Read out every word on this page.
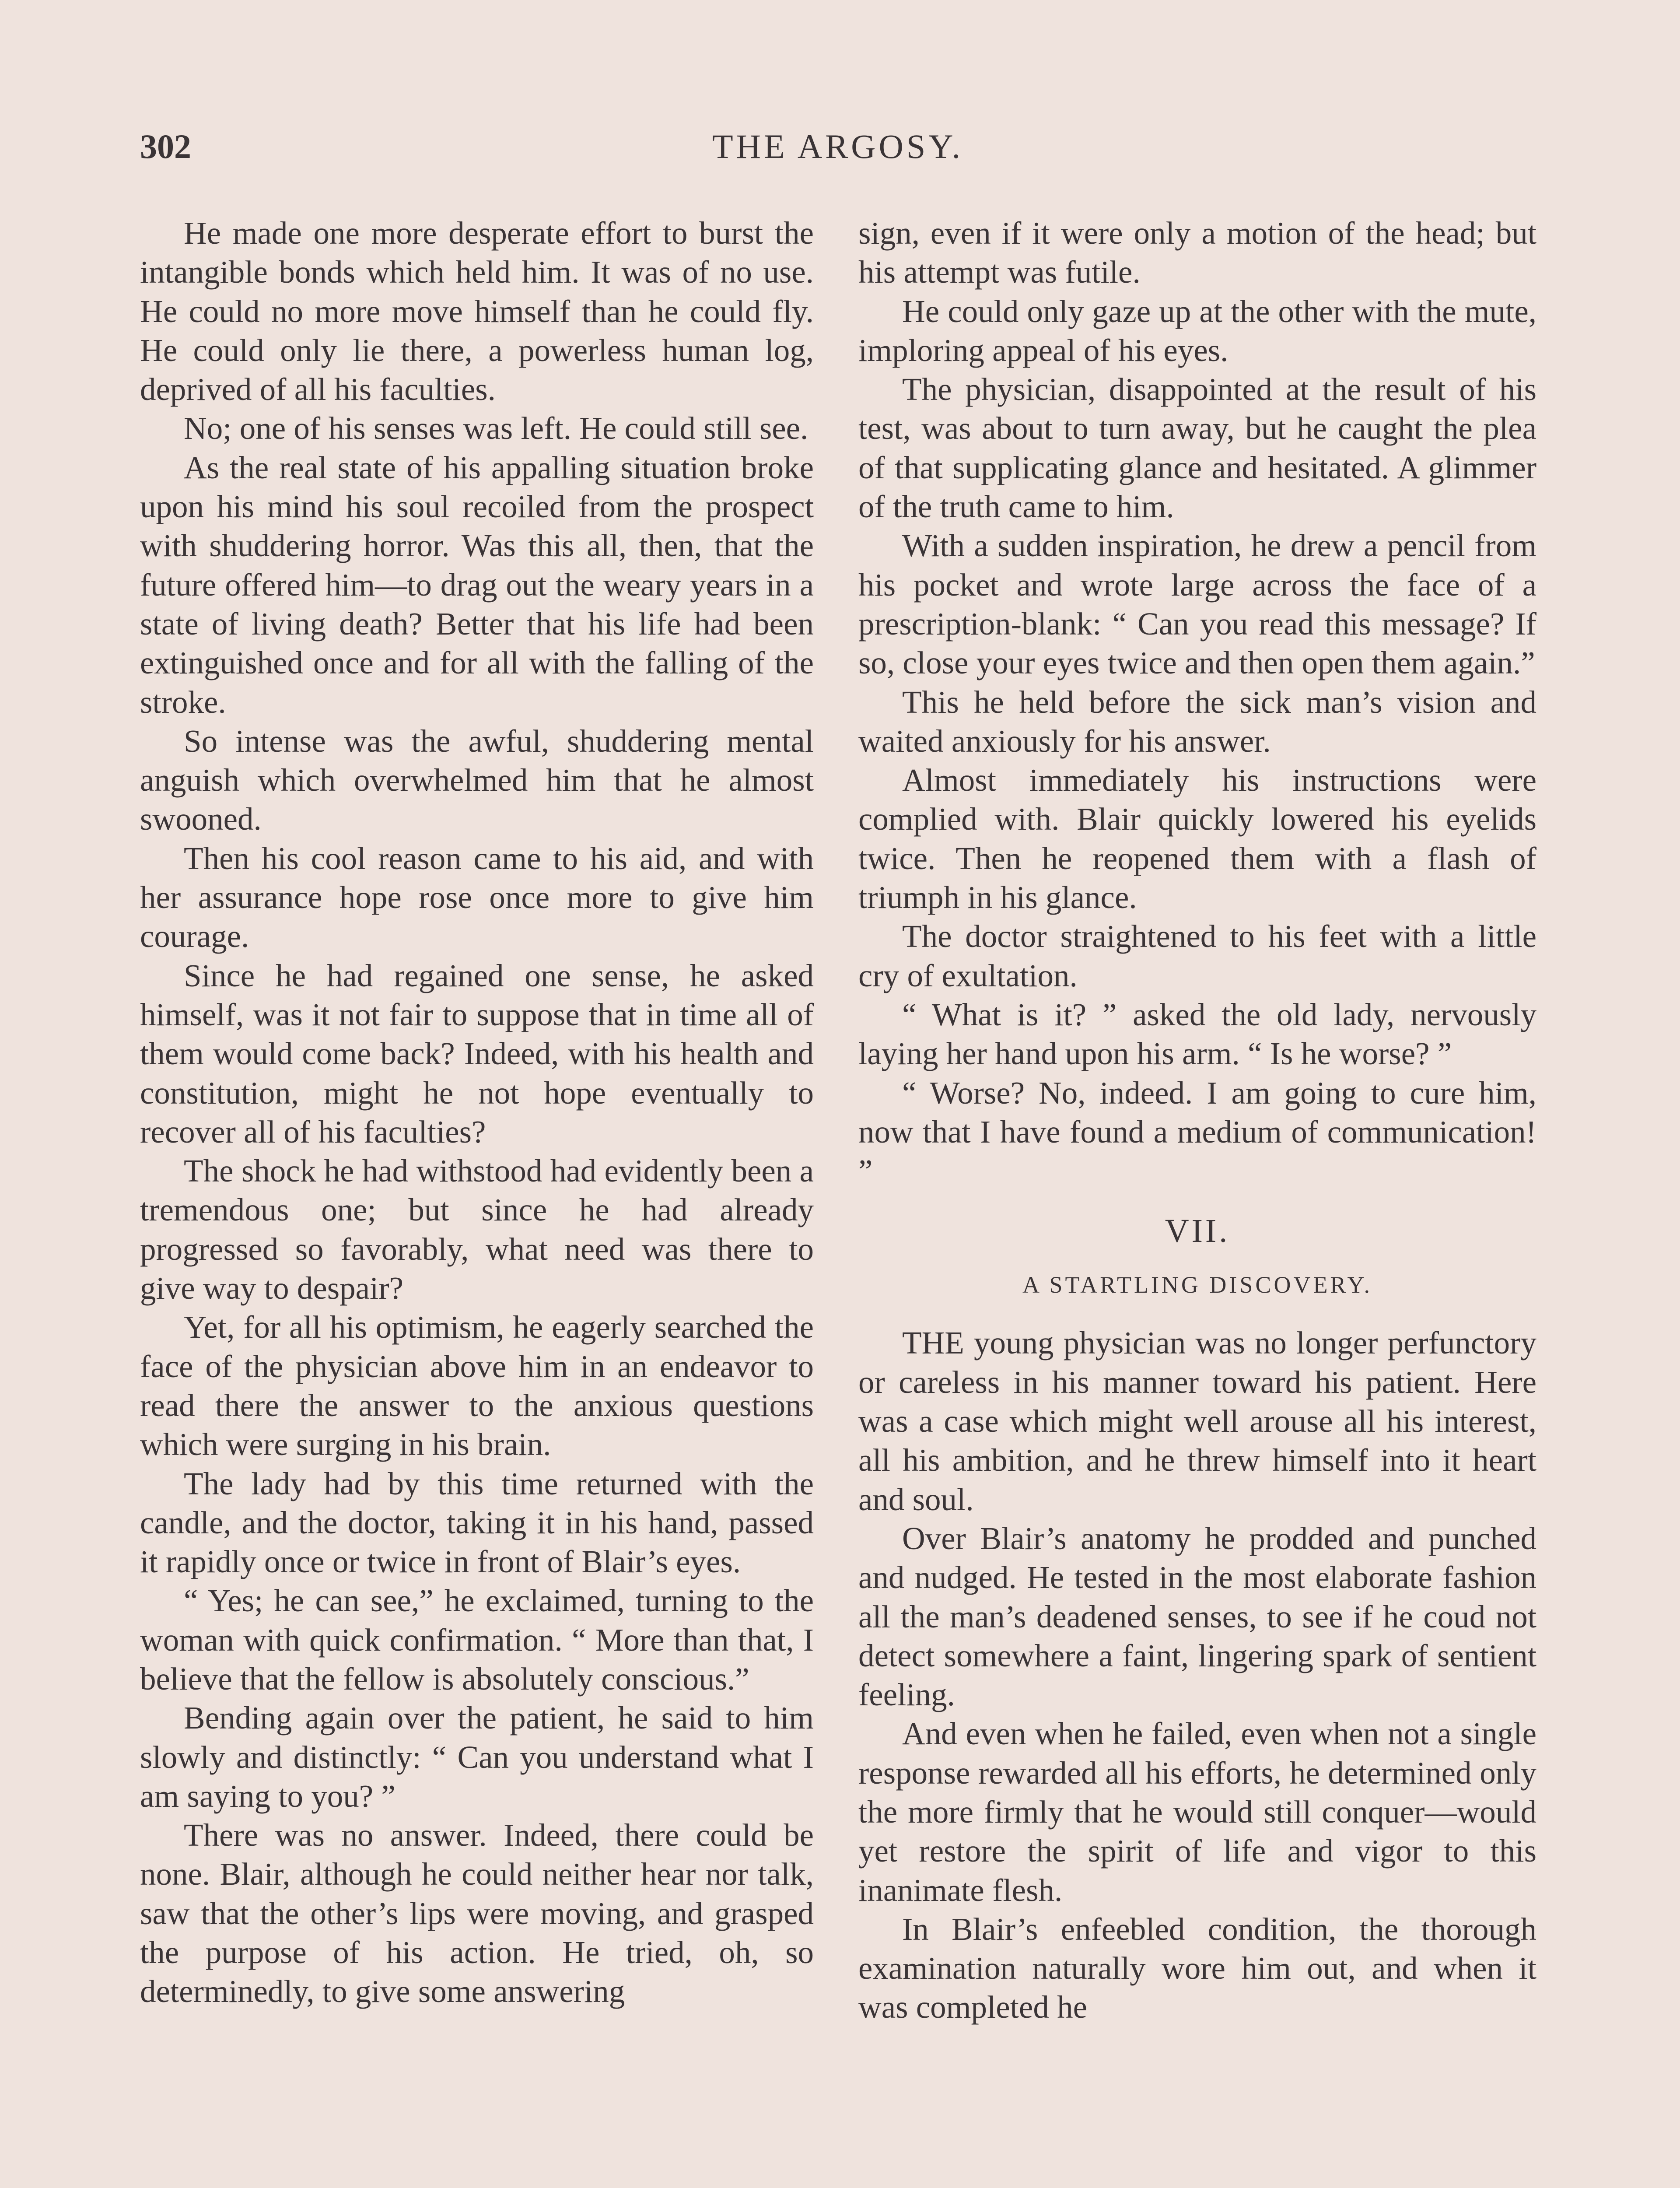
302	THE ARGOSY.

He made one more desperate effort to burst the intangible bonds which held him. It was of no use. He could no more move himself than he could fly. He could only lie there, a powerless human log, deprived of all his faculties.

No; one of his senses was left. He could still see.

As the real state of his appalling situation broke upon his mind his soul recoiled from the prospect with shuddering horror. Was this all, then, that the future offered him—to drag out the weary years in a state of living death? Better that his life had been extinguished once and for all with the falling of the stroke.

So intense was the awful, shuddering mental anguish which overwhelmed him that he almost swooned.

Then his cool reason came to his aid, and with her assurance hope rose once more to give him courage.

Since he had regained one sense, he asked himself, was it not fair to suppose that in time all of them would come back? Indeed, with his health and constitution, might he not hope eventually to recover all of his faculties?

The shock he had withstood had evidently been a tremendous one; but since he had already progressed so favorably, what need was there to give way to despair?

Yet, for all his optimism, he eagerly searched the face of the physician above him in an endeavor to read there the answer to the anxious questions which were surging in his brain.

The lady had by this time returned with the candle, and the doctor, taking it in his hand, passed it rapidly once or twice in front of Blair’s eyes.

“ Yes; he can see,” he exclaimed, turning to the woman with quick confirmation. “ More than that, I believe that the fellow is absolutely conscious.”

Bending again over the patient, he said to him slowly and distinctly: “ Can you understand what I am saying to you? ”

There was no answer. Indeed, there could be none. Blair, although he could neither hear nor talk, saw that the other’s lips were moving, and grasped the purpose of his action. He tried, oh, so determinedly, to give some answering

sign, even if it were only a motion of the head; but his attempt was futile.

He could only gaze up at the other with the mute, imploring appeal of his eyes.

The physician, disappointed at the result of his test, was about to turn away, but he caught the plea of that supplicating glance and hesitated. A glimmer of the truth came to him.

With a sudden inspiration, he drew a pencil from his pocket and wrote large across the face of a prescription-blank: “ Can you read this message? If so, close your eyes twice and then open them again.”

This he held before the sick man’s vision and waited anxiously for his answer.

Almost immediately his instructions were complied with. Blair quickly lowered his eyelids twice. Then he reopened them with a flash of triumph in his glance.

The doctor straightened to his feet with a little cry of exultation.

“ What is it? ” asked the old lady, nervously laying her hand upon his arm. “ Is he worse? ”

“ Worse? No, indeed. I am going to cure him, now that I have found a medium of communication! ”

VII.
A STARTLING DISCOVERY.

THE young physician was no longer perfunctory or careless in his manner toward his patient. Here was a case which might well arouse all his interest, all his ambition, and he threw himself into it heart and soul.

Over Blair’s anatomy he prodded and punched and nudged. He tested in the most elaborate fashion all the man’s deadened senses, to see if he coud not detect somewhere a faint, lingering spark of sentient feeling.

And even when he failed, even when not a single response rewarded all his efforts, he determined only the more firmly that he would still conquer—would yet restore the spirit of life and vigor to this inanimate flesh.

In Blair’s enfeebled condition, the thorough examination naturally wore him out, and when it was completed he
